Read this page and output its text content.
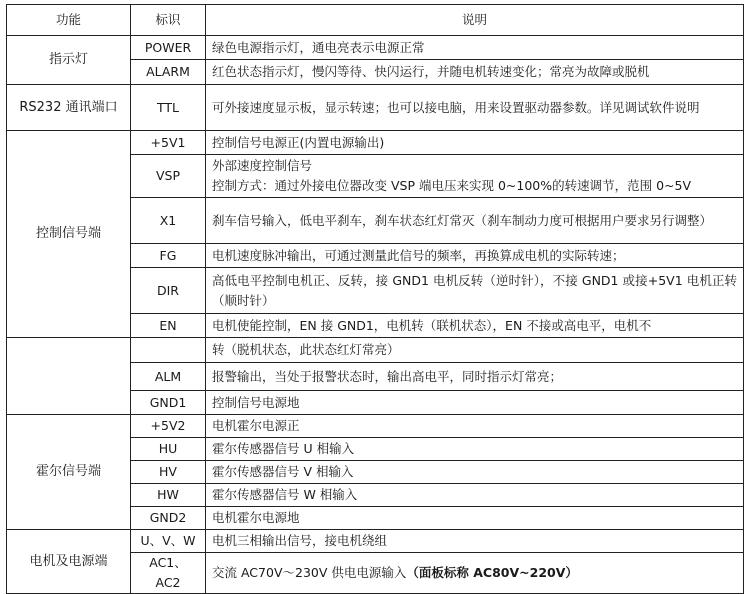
功能	标识	说明
指示灯	POWER	绿色电源指示灯，通电亮表示电源正常
	ALARM	红色状态指示灯，慢闪等待、快闪运行，并随电机转速变化；常亮为故障或脱机
RS232 通讯端口	TTL	可外接速度显示板，显示转速；也可以接电脑，用来设置驱动器参数。详见调试软件说明
控制信号端	+5V1	控制信号电源正(内置电源输出)
	VSP	外部速度控制信号
控制方式：通过外接电位器改变 VSP 端电压来实现 0~100%的转速调节，范围 0~5V

	X1	刹车信号输入，低电平刹车，刹车状态红灯常灭（刹车制动力度可根据用户要求另行调整）
	FG	电机速度脉冲输出，可通过测量此信号的频率，再换算成电机的实际转速；
	DIR	高低电平控制电机正、反转，接 GND1 电机反转（逆时针），不接 GND1 或接+5V1 电机正转（顺时针）
	EN	电机使能控制，EN 接 GND1，电机转（联机状态），EN 不接或高电平，电机不
		转（脱机状态，此状态红灯常亮）
	ALM	报警输出，当处于报警状态时，输出高电平，同时指示灯常亮；
	GND1	控制信号电源地
霍尔信号端	+5V2	电机霍尔电源正
	HU	霍尔传感器信号 U 相输入
	HV	霍尔传感器信号 V 相输入
	HW	霍尔传感器信号 W 相输入
	GND2	电机霍尔电源地
电机及电源端	U、V、W	电机三相输出信号，接电机绕组
	AC1、AC2	交流 AC70V～230V 供电电源输入（面板标称 AC80V~220V）
